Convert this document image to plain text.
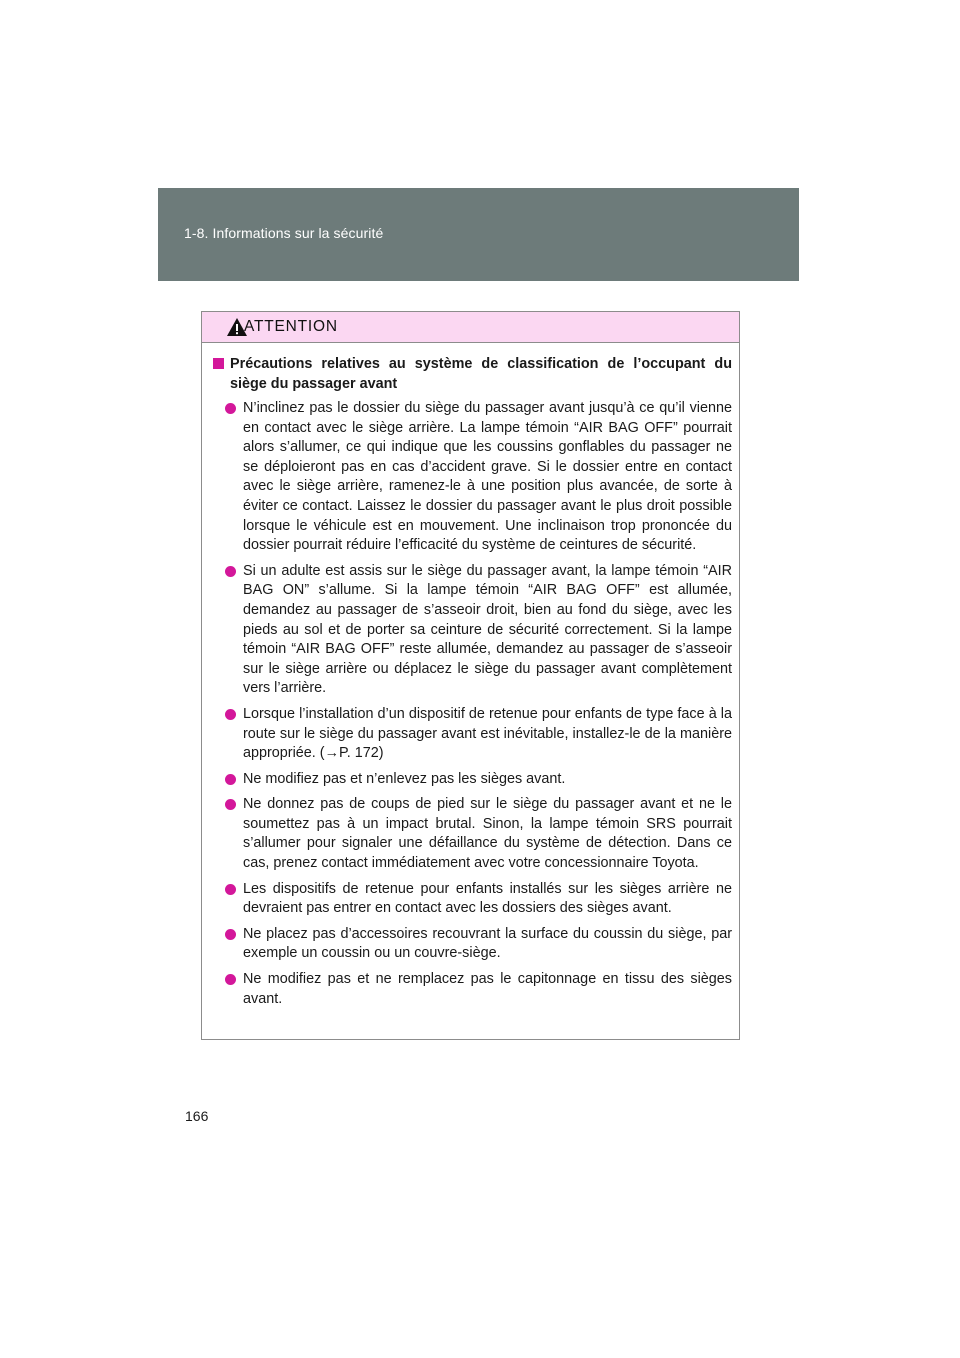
1-8. Informations sur la sécurité
ATTENTION
Précautions relatives au système de classification de l’occupant du siège du passager avant
N’inclinez pas le dossier du siège du passager avant jusqu’à ce qu’il vienne en contact avec le siège arrière. La lampe témoin “AIR BAG OFF” pourrait alors s’allumer, ce qui indique que les coussins gonflables du passager ne se déploieront pas en cas d’accident grave. Si le dossier entre en contact avec le siège arrière, ramenez-le à une position plus avancée, de sorte à éviter ce contact. Laissez le dossier du passager avant le plus droit possible lorsque le véhicule est en mouvement. Une inclinaison trop prononcée du dossier pourrait réduire l’efficacité du système de ceintures de sécurité.
Si un adulte est assis sur le siège du passager avant, la lampe témoin “AIR BAG ON” s’allume. Si la lampe témoin “AIR BAG OFF” est allumée, demandez au passager de s’asseoir droit, bien au fond du siège, avec les pieds au sol et de porter sa ceinture de sécurité correctement. Si la lampe témoin “AIR BAG OFF” reste allumée, demandez au passager de s’asseoir sur le siège arrière ou déplacez le siège du passager avant complètement vers l’arrière.
Lorsque l’installation d’un dispositif de retenue pour enfants de type face à la route sur le siège du passager avant est inévitable, installez-le de la manière appropriée. (→P. 172)
Ne modifiez pas et n’enlevez pas les sièges avant.
Ne donnez pas de coups de pied sur le siège du passager avant et ne le soumettez pas à un impact brutal. Sinon, la lampe témoin SRS pourrait s’allumer pour signaler une défaillance du système de détection. Dans ce cas, prenez contact immédiatement avec votre concessionnaire Toyota.
Les dispositifs de retenue pour enfants installés sur les sièges arrière ne devraient pas entrer en contact avec les dossiers des sièges avant.
Ne placez pas d’accessoires recouvrant la surface du coussin du siège, par exemple un coussin ou un couvre-siège.
Ne modifiez pas et ne remplacez pas le capitonnage en tissu des sièges avant.
166
